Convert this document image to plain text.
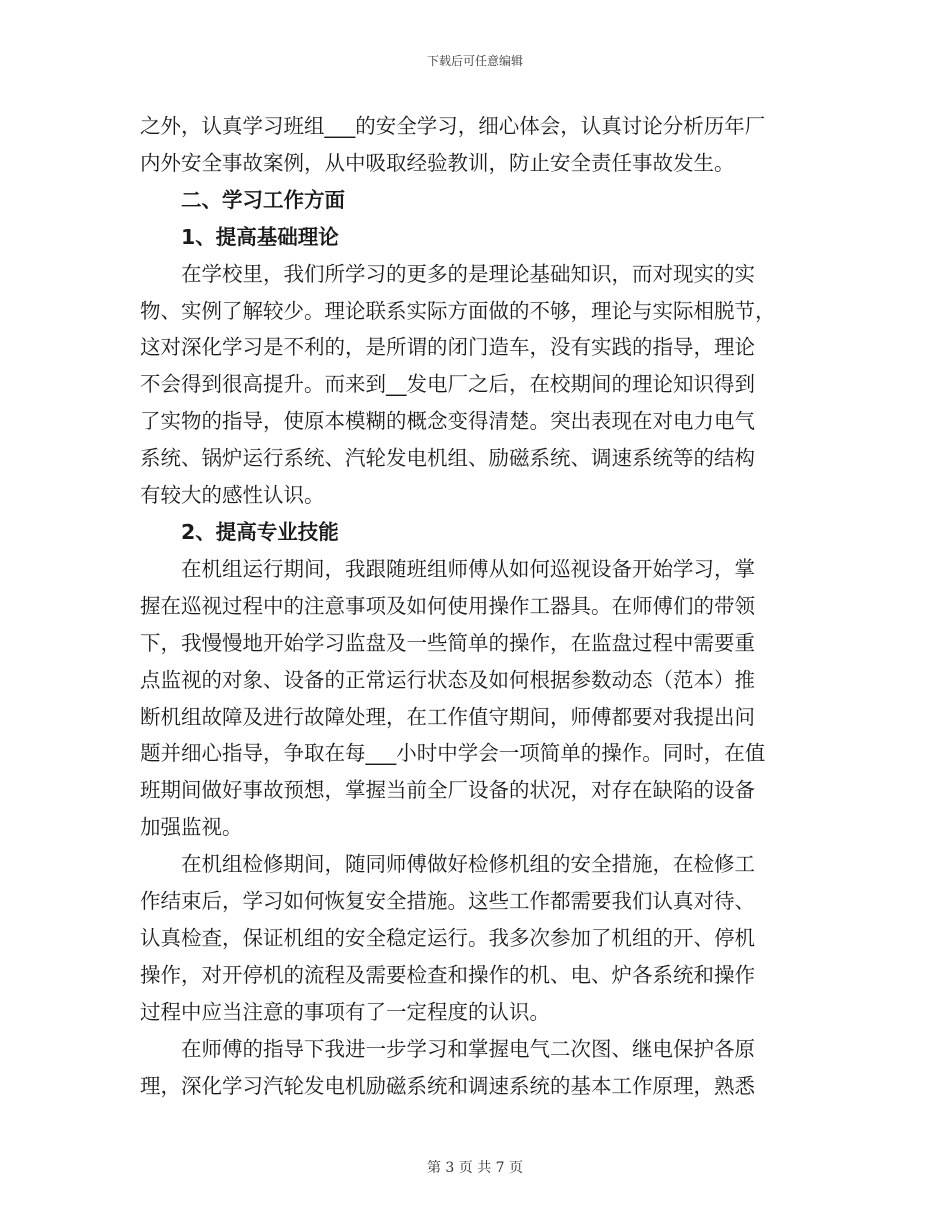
下载后可任意编辑
之外，认真学习班组___的安全学习，细心体会，认真讨论分析历年厂
内外安全事故案例，从中吸取经验教训，防止安全责任事故发生。
二、学习工作方面
1、提高基础理论
在学校里，我们所学习的更多的是理论基础知识，而对现实的实
物、实例了解较少。理论联系实际方面做的不够，理论与实际相脱节，
这对深化学习是不利的，是所谓的闭门造车，没有实践的指导，理论
不会得到很高提升。而来到__发电厂之后，在校期间的理论知识得到
了实物的指导，使原本模糊的概念变得清楚。突出表现在对电力电气
系统、锅炉运行系统、汽轮发电机组、励磁系统、调速系统等的结构
有较大的感性认识。
2、提高专业技能
在机组运行期间，我跟随班组师傅从如何巡视设备开始学习，掌
握在巡视过程中的注意事项及如何使用操作工器具。在师傅们的带领
下，我慢慢地开始学习监盘及一些简单的操作，在监盘过程中需要重
点监视的对象、设备的正常运行状态及如何根据参数动态（范本）推
断机组故障及进行故障处理，在工作值守期间，师傅都要对我提出问
题并细心指导，争取在每___小时中学会一项简单的操作。同时，在值
班期间做好事故预想，掌握当前全厂设备的状况，对存在缺陷的设备
加强监视。
在机组检修期间，随同师傅做好检修机组的安全措施，在检修工
作结束后，学习如何恢复安全措施。这些工作都需要我们认真对待、
认真检查，保证机组的安全稳定运行。我多次参加了机组的开、停机
操作，对开停机的流程及需要检查和操作的机、电、炉各系统和操作
过程中应当注意的事项有了一定程度的认识。
在师傅的指导下我进一步学习和掌握电气二次图、继电保护各原
理，深化学习汽轮发电机励磁系统和调速系统的基本工作原理，熟悉
第 3 页 共 7 页
